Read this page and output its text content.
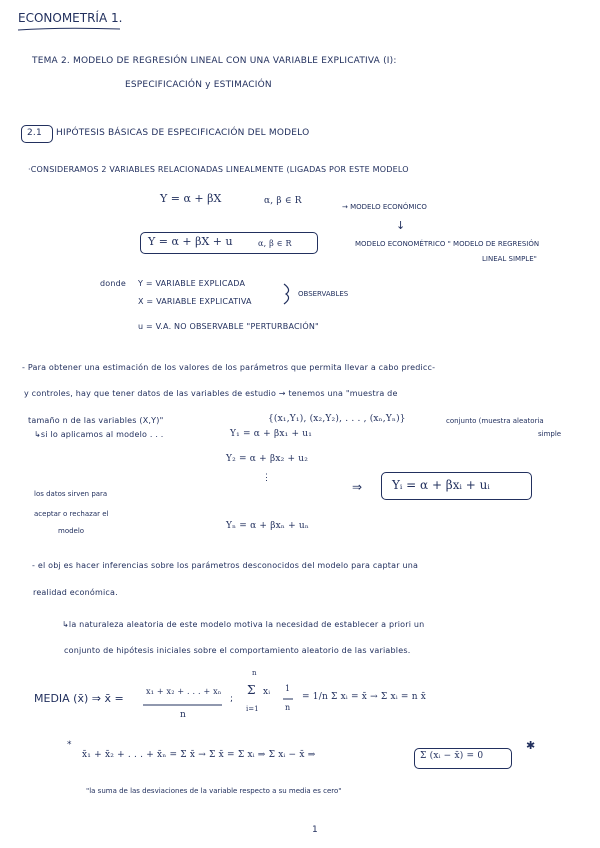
ECONOMETRÍA 1.
TEMA 2. MODELO DE REGRESIÓN LINEAL CON UNA VARIABLE EXPLICATIVA (I):
ESPECIFICACIÓN y ESTIMACIÓN
2.1 HIPÓTESIS BÁSICAS DE ESPECIFICACIÓN DEL MODELO
·CONSIDERAMOS 2 VARIABLES RELACIONADAS LINEALMENTE (LIGADAS POR ESTE MODELO
Y = α + βX	α, β ∈ R
→ MODELO ECONÓMICO
↓
Y = α + βX + u	α, β ∈ R	MODELO ECONOMÉTRICO " MODELO DE REGRESIÓN
LINEAL SIMPLE"
donde Y = VARIABLE EXPLICADA
X = VARIABLE EXPLICATIVA
OBSERVABLES
u = V.A. NO OBSERVABLE "PERTURBACIÓN"
- Para obtener una estimación de los valores de los parámetros que permita llevar a cabo predicc-
y controles, hay que tener datos de las variables de estudio → tenemos una "muestra de
tamaño n de las variables (X,Y)"	{(x₁,Y₁), (x₂,Y₂), . . . , (xₙ,Yₙ)}	conjunto (muestra aleatoria
simple
↳si lo aplicamos al modelo . . .	Y₁ = α + βx₁ + u₁
Y₂ = α + βx₂ + u₂
⋮
Yₙ = α + βxₙ + uₙ
⇒ Yᵢ = α + βxᵢ + uᵢ
los datos sirven para
aceptar o rechazar el
modelo
- el obj es hacer inferencias sobre los parámetros desconocidos del modelo para captar una
realidad económica.
↳la naturaleza aleatoria de este modelo motiva la necesidad de establecer a priori un
conjunto de hipótesis iniciales sobre el comportamiento aleatorio de las variables.
MEDIA (x̄) ⇒ x̄ =
x₁ + x₂ + . . . + xₙ
n
;
n
Σ
i=1
xᵢ 1
n
= 1/n Σ xᵢ = x̄ → Σ xᵢ = n x̄
*
x̄₁ + x̄₂ + . . . + x̄ₙ = Σ x̄ → Σ x̄ = Σ xᵢ ⇒ Σ xᵢ − x̄ ⇒	Σ (xᵢ − x̄) = 0
✱
"la suma de las desviaciones de la variable respecto a su media es cero"
1
